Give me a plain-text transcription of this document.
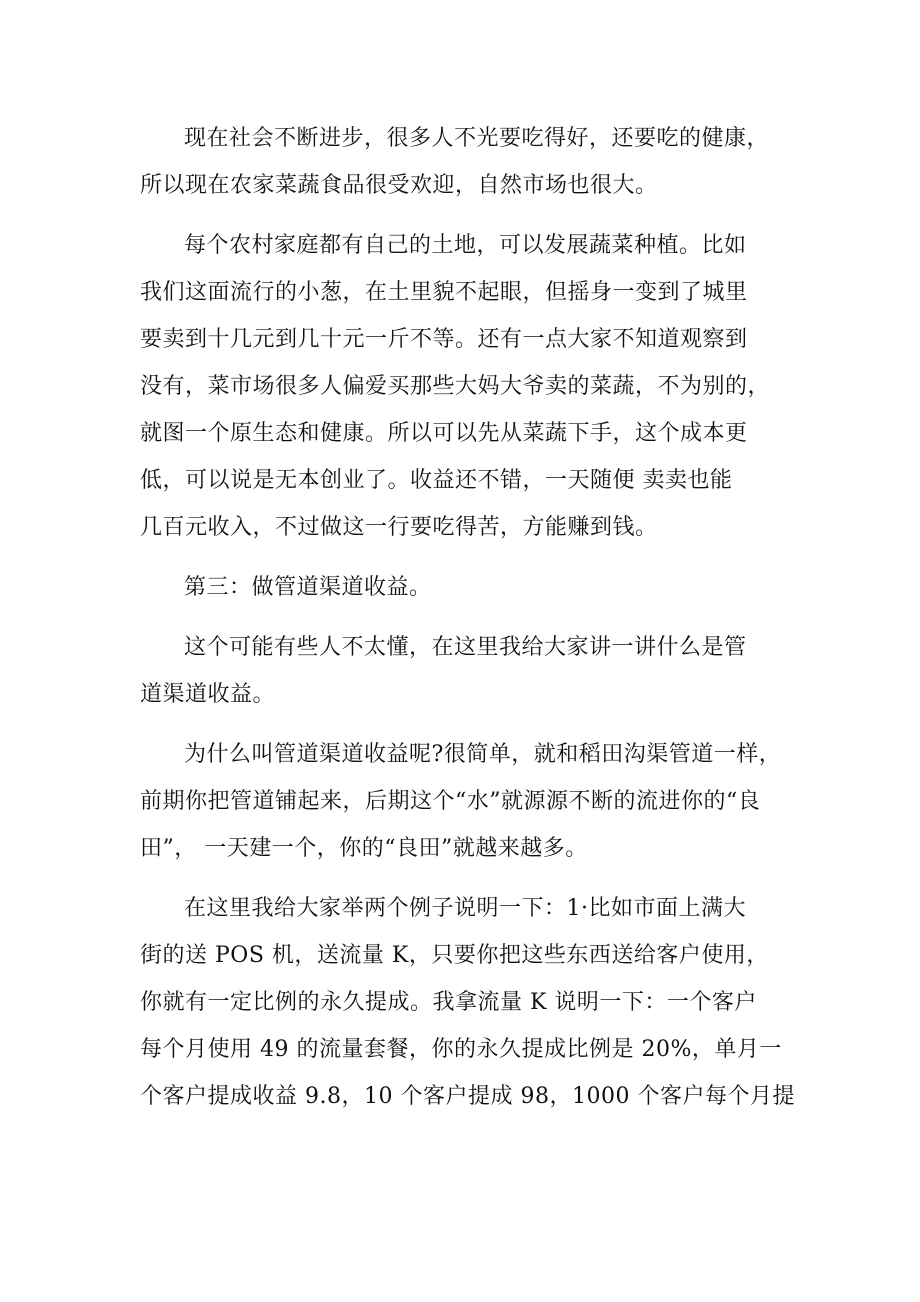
现在社会不断进步，很多人不光要吃得好，还要吃的健康，
所以现在农家菜蔬食品很受欢迎，自然市场也很大。
每个农村家庭都有自己的土地，可以发展蔬菜种植。比如
我们这面流行的小葱，在土里貌不起眼，但摇身一变到了城里
要卖到十几元到几十元一斤不等。还有一点大家不知道观察到
没有，菜市场很多人偏爱买那些大妈大爷卖的菜蔬，不为别的，
就图一个原生态和健康。所以可以先从菜蔬下手，这个成本更
低，可以说是无本创业了。收益还不错，一天随便 卖卖也能
几百元收入，不过做这一行要吃得苦，方能赚到钱。
第三：做管道渠道收益。
这个可能有些人不太懂，在这里我给大家讲一讲什么是管
道渠道收益。
为什么叫管道渠道收益呢?很简单，就和稻田沟渠管道一样，
前期你把管道铺起来，后期这个“水”就源源不断的流进你的“良
田”， 一天建一个，你的“良田”就越来越多。
在这里我给大家举两个例子说明一下：1·比如市面上满大
街的送 POS 机，送流量 K，只要你把这些东西送给客户使用，
你就有一定比例的永久提成。我拿流量 K 说明一下：一个客户
每个月使用 49 的流量套餐，你的永久提成比例是 20%，单月一
个客户提成收益 9.8，10 个客户提成 98，1000 个客户每个月提
